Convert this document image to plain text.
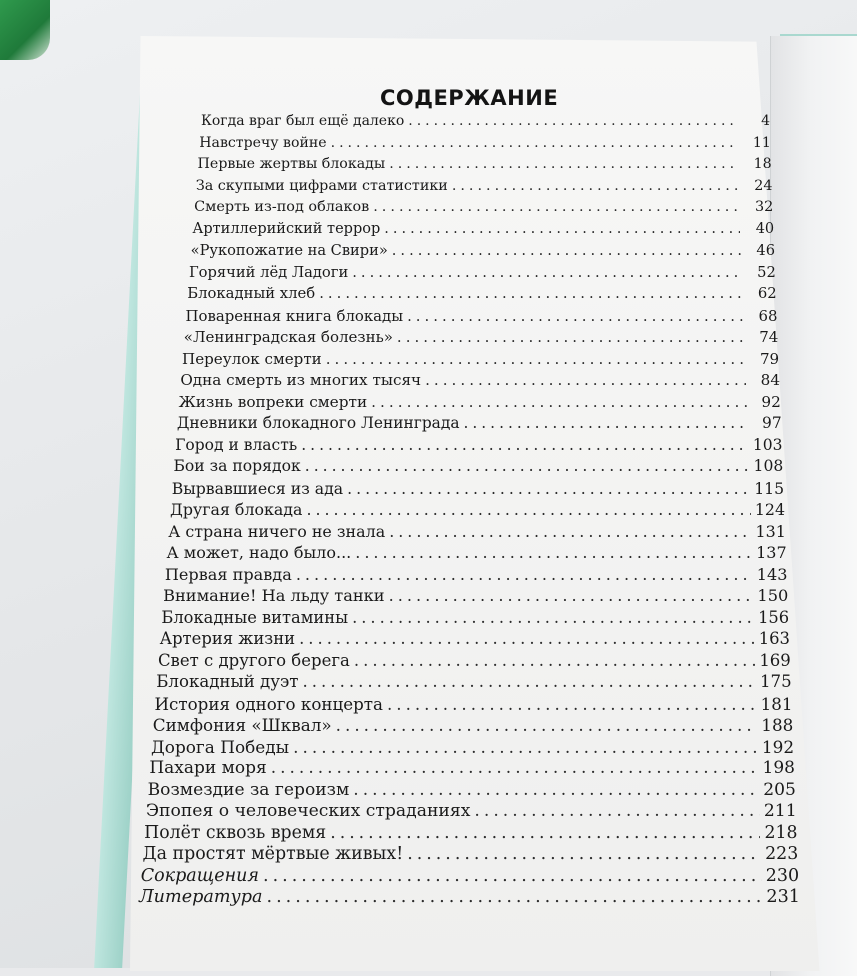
СОДЕРЖАНИЕ
Когда враг был ещё далеко .....	4
Навстречу войне .....	11
Первые жертвы блокады .....	18
За скупыми цифрами статистики .....	24
Смерть из-под облаков .....	32
Артиллерийский террор .....	40
«Рукопожатие на Свири» .....	46
Горячий лёд Ладоги .....	52
Блокадный хлеб .....	62
Поваренная книга блокады .....	68
«Ленинградская болезнь» .....	74
Переулок смерти .....	79
Одна смерть из многих тысяч .....	84
Жизнь вопреки смерти .....	92
Дневники блокадного Ленинграда .....	97
Город и власть .....	103
Бои за порядок .....	108
Вырвавшиеся из ада .....	115
Другая блокада .....	124
А страна ничего не знала .....	131
А может, надо было... .....	137
Первая правда .....	143
Внимание! На льду танки .....	150
Блокадные витамины .....	156
Артерия жизни .....	163
Свет с другого берега .....	169
Блокадный дуэт .....	175
История одного концерта .....	181
Симфония «Шквал» .....	188
Дорога Победы .....	192
Пахари моря .....	198
Возмездие за героизм .....	205
Эпопея о человеческих страданиях .....	211
Полёт сквозь время .....	218
Да простят мёртвые живых! .....	223
Сокращения .....	230
Литература .....	231
